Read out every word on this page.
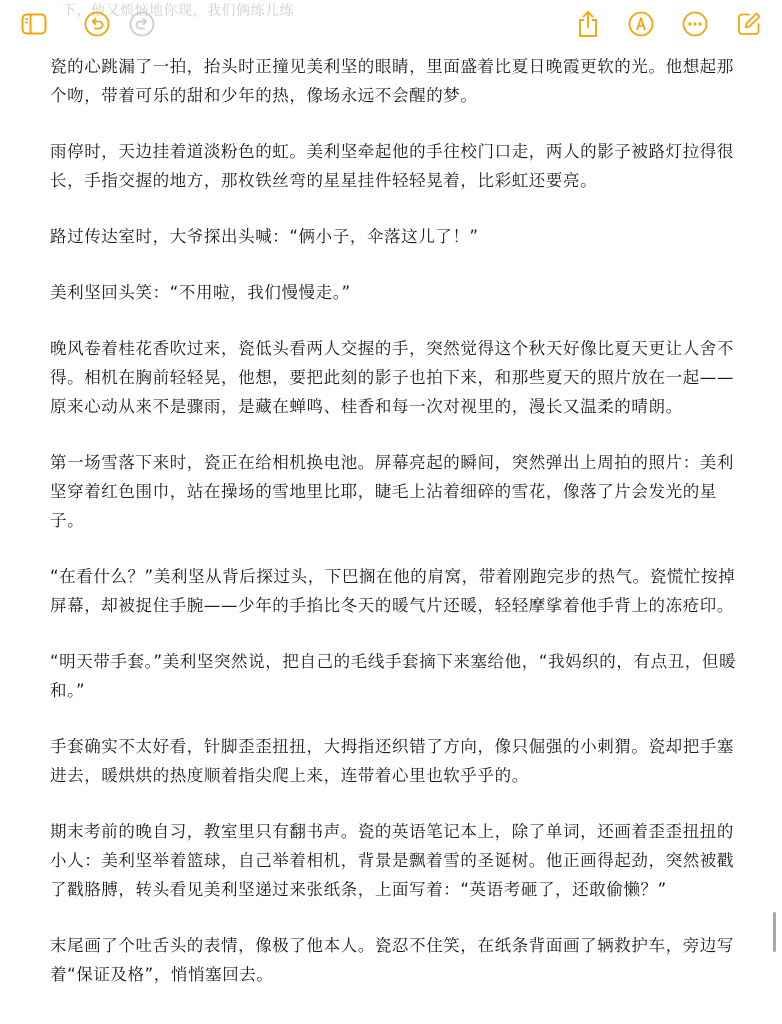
下，他又烦恼地你现，我们俩练儿练

瓷的心跳漏了一拍，抬头时正撞见美利坚的眼睛，里面盛着比夏日晚霞更软的光。他想起那个吻，带着可乐的甜和少年的热，像场永远不会醒的梦。

雨停时，天边挂着道淡粉色的虹。美利坚牵起他的手往校门口走，两人的影子被路灯拉得很长，手指交握的地方，那枚铁丝弯的星星挂件轻轻晃着，比彩虹还要亮。

路过传达室时，大爷探出头喊：“俩小子，伞落这儿了！”

美利坚回头笑：“不用啦，我们慢慢走。”

晚风卷着桂花香吹过来，瓷低头看两人交握的手，突然觉得这个秋天好像比夏天更让人舍不得。相机在胸前轻轻晃，他想，要把此刻的影子也拍下来，和那些夏天的照片放在一起——原来心动从来不是骤雨，是藏在蝉鸣、桂香和每一次对视里的，漫长又温柔的晴朗。

第一场雪落下来时，瓷正在给相机换电池。屏幕亮起的瞬间，突然弹出上周拍的照片：美利坚穿着红色围巾，站在操场的雪地里比耶，睫毛上沾着细碎的雪花，像落了片会发光的星子。

“在看什么？”美利坚从背后探过头，下巴搁在他的肩窝，带着刚跑完步的热气。瓷慌忙按掉屏幕，却被捉住手腕——少年的手掐比冬天的暖气片还暖，轻轻摩挲着他手背上的冻疮印。

“明天带手套。”美利坚突然说，把自己的毛线手套摘下来塞给他，“我妈织的，有点丑，但暖和。”

手套确实不太好看，针脚歪歪扭扭，大拇指还织错了方向，像只倔强的小刺猬。瓷却把手塞进去，暖烘烘的热度顺着指尖爬上来，连带着心里也软乎乎的。

期末考前的晚自习，教室里只有翻书声。瓷的英语笔记本上，除了单词，还画着歪歪扭扭的小人：美利坚举着篮球，自己举着相机，背景是飘着雪的圣诞树。他正画得起劲，突然被戳了戳胳膊，转头看见美利坚递过来张纸条，上面写着：“英语考砸了，还敢偷懒？”

末尾画了个吐舌头的表情，像极了他本人。瓷忍不住笑，在纸条背面画了辆救护车，旁边写着“保证及格”，悄悄塞回去。
